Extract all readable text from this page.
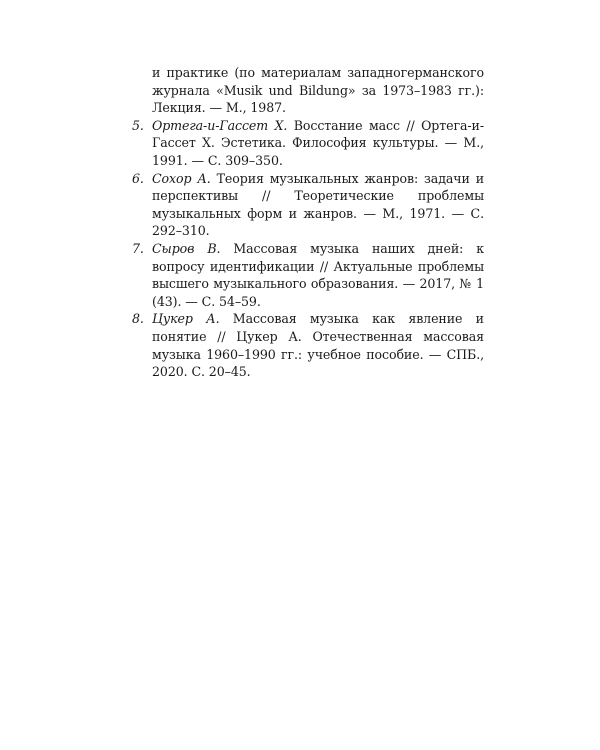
и практике (по материалам западногерманского журнала «Musik und Bildung» за 1973–1983 гг.): Лекция. — М., 1987.
5. Ортега-и-Гассет Х. Восстание масс // Ортега-и-Гассет Х. Эстетика. Философия культуры. — М., 1991. — С. 309–350.
6. Сохор А. Теория музыкальных жанров: задачи и перспективы // Теоретические проблемы музыкальных форм и жанров. — М., 1971. — С. 292–310.
7. Сыров В. Массовая музыка наших дней: к вопросу идентификации // Актуальные проблемы высшего музыкального образования. — 2017, № 1 (43). — С. 54–59.
8. Цукер А. Массовая музыка как явление и понятие // Цукер А. Отечественная массовая музыка 1960–1990 гг.: учебное пособие. — СПБ., 2020. С. 20–45.
